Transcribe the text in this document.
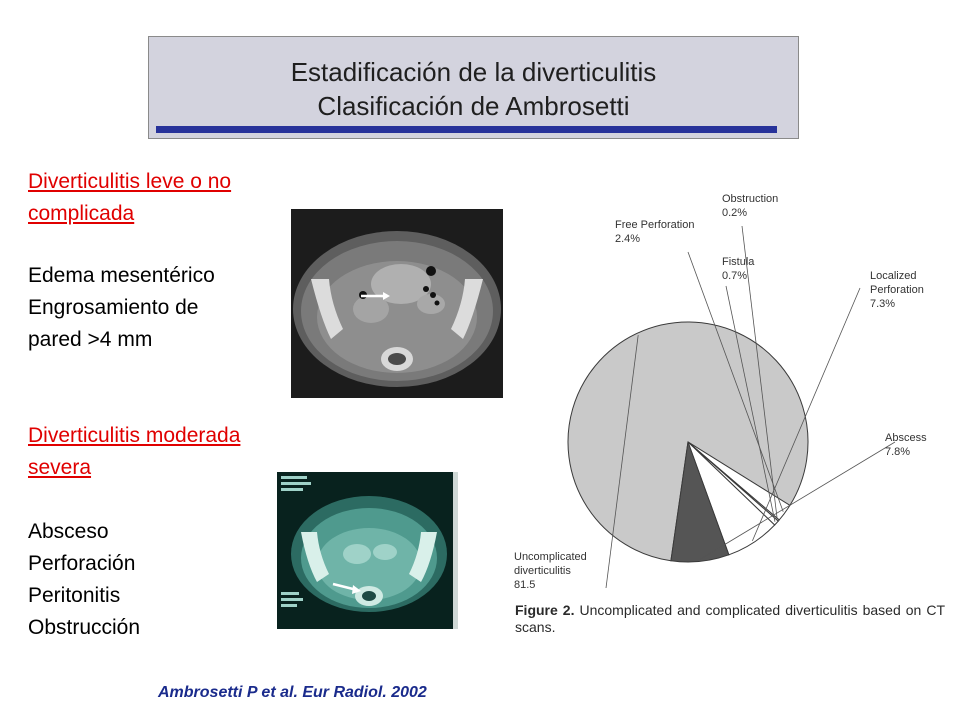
Estadificación de la diverticulitis
Clasificación de Ambrosetti
Diverticulitis leve o no
complicada
Edema mesentérico
Engrosamiento de
pared >4 mm
Diverticulitis moderada
severa
Absceso
Perforación
Peritonitis
Obstrucción
Uncomplicated
diverticulitis
81.5
Free Perforation
2.4%
Obstruction
0.2%
Fistula
0.7%	Localized
Perforation
7.3%
Abscess
7.8%
Figure 2. Uncomplicated and complicated diverticulitis based on CT scans.
Ambrosetti P et al. Eur Radiol. 2002
